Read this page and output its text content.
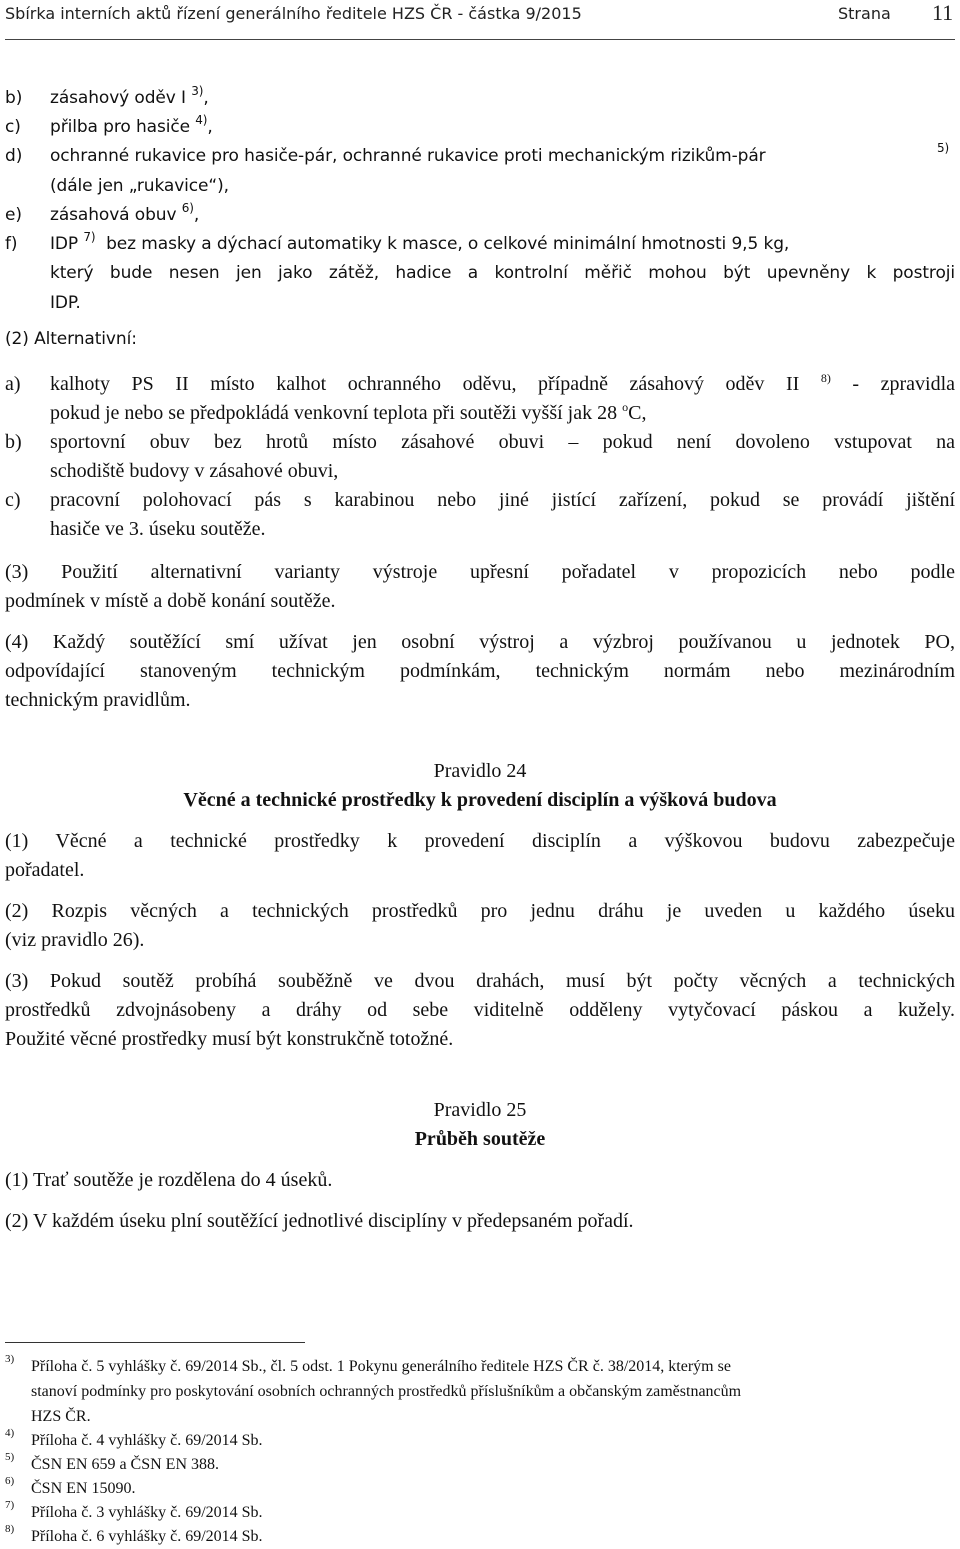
Sbírka interních aktů řízení generálního ředitele HZS ČR - částka 9/2015	Strana 11
b) zásahový oděv I $^{3)}$,
c) přilba pro hasiče $^{4)}$,
d) ochranné rukavice pro hasiče-pár, ochranné rukavice proti mechanickým rizikům-pár	5)
(dále jen „rukavice“),
e) zásahová obuv $^{6)}$,
f) IDP $^{7)}$ bez masky a dýchací automatiky k masce, o celkové minimální hmotnosti 9,5 kg,
který bude nesen jen jako zátěž, hadice a kontrolní měřič mohou být upevněny k postroji
IDP.
(2) Alternativní:
a) kalhoty PS II místo kalhot ochranného oděvu, případně zásahový oděv II $^{8)}$ - zpravidla
pokud je nebo se předpokládá venkovní teplota při soutěži vyšší jak 28 $^o$C,
b) sportovní obuv bez hrotů místo zásahové obuvi – pokud není dovoleno vstupovat na
schodiště budovy v zásahové obuvi,
c) pracovní polohovací pás s karabinou nebo jiné jistící zařízení, pokud se provádí jištění
hasiče ve 3. úseku soutěže.
(3) Použití alternativní varianty výstroje upřesní pořadatel v propozicích nebo podle
podmínek v místě a době konání soutěže.
(4) Každý soutěžící smí užívat jen osobní výstroj a výzbroj používanou u jednotek PO,
odpovídající stanoveným technickým podmínkám, technickým normám nebo mezinárodním
technickým pravidlům.
Pravidlo 24
Věcné a technické prostředky k provedení disciplín a výšková budova
(1) Věcné a technické prostředky k provedení disciplín a výškovou budovu zabezpečuje
pořadatel.
(2) Rozpis věcných a technických prostředků pro jednu dráhu je uveden u každého úseku
(viz pravidlo 26).
(3) Pokud soutěž probíhá souběžně ve dvou drahách, musí být počty věcných a technických
prostředků zdvojnásobeny a dráhy od sebe viditelně odděleny vytyčovací páskou a kužely.
Použité věcné prostředky musí být konstrukčně totožné.
Pravidlo 25
Průběh soutěže
(1) Trať soutěže je rozdělena do 4 úseků.
(2) V každém úseku plní soutěžící jednotlivé disciplíny v předepsaném pořadí.
3) Příloha č. 5 vyhlášky č. 69/2014 Sb., čl. 5 odst. 1 Pokynu generálního ředitele HZS ČR č. 38/2014, kterým se
stanoví podmínky pro poskytování osobních ochranných prostředků příslušníkům a občanským zaměstnancům
HZS ČR.
4) Příloha č. 4 vyhlášky č. 69/2014 Sb.
5) ČSN EN 659 a ČSN EN 388.
6) ČSN EN 15090.
7) Příloha č. 3 vyhlášky č. 69/2014 Sb.
8) Příloha č. 6 vyhlášky č. 69/2014 Sb.
